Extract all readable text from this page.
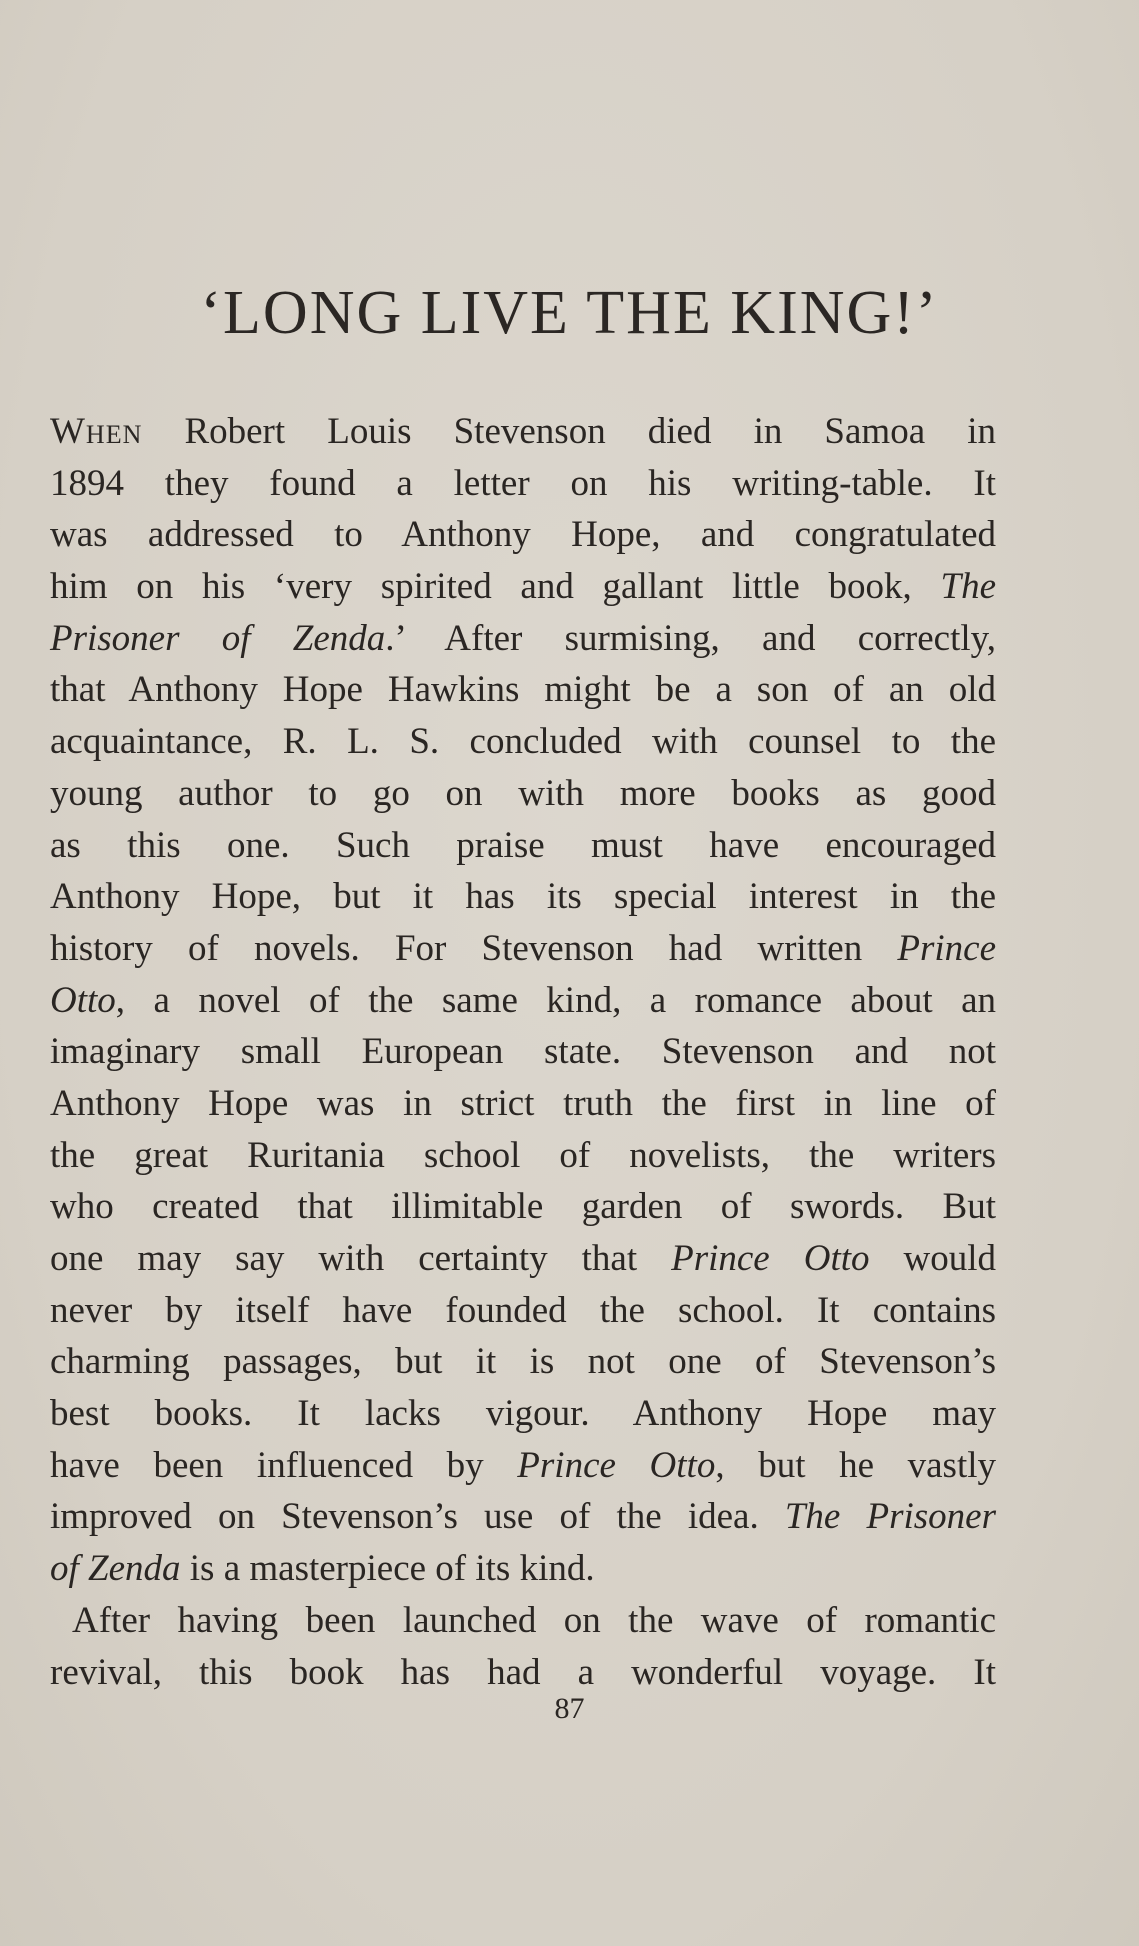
‘LONG LIVE THE KING!’
When Robert Louis Stevenson died in Samoa in
1894 they found a letter on his writing-table. It
was addressed to Anthony Hope, and congratulated
him on his ‘very spirited and gallant little book, The
Prisoner of Zenda.’ After surmising, and correctly,
that Anthony Hope Hawkins might be a son of an old
acquaintance, R. L. S. concluded with counsel to the
young author to go on with more books as good
as this one. Such praise must have encouraged
Anthony Hope, but it has its special interest in the
history of novels. For Stevenson had written Prince
Otto, a novel of the same kind, a romance about an
imaginary small European state. Stevenson and not
Anthony Hope was in strict truth the first in line of
the great Ruritania school of novelists, the writers
who created that illimitable garden of swords. But
one may say with certainty that Prince Otto would
never by itself have founded the school. It contains
charming passages, but it is not one of Stevenson’s
best books. It lacks vigour. Anthony Hope may
have been influenced by Prince Otto, but he vastly
improved on Stevenson’s use of the idea. The Prisoner
of Zenda is a masterpiece of its kind.
After having been launched on the wave of romantic
revival, this book has had a wonderful voyage. It
87
